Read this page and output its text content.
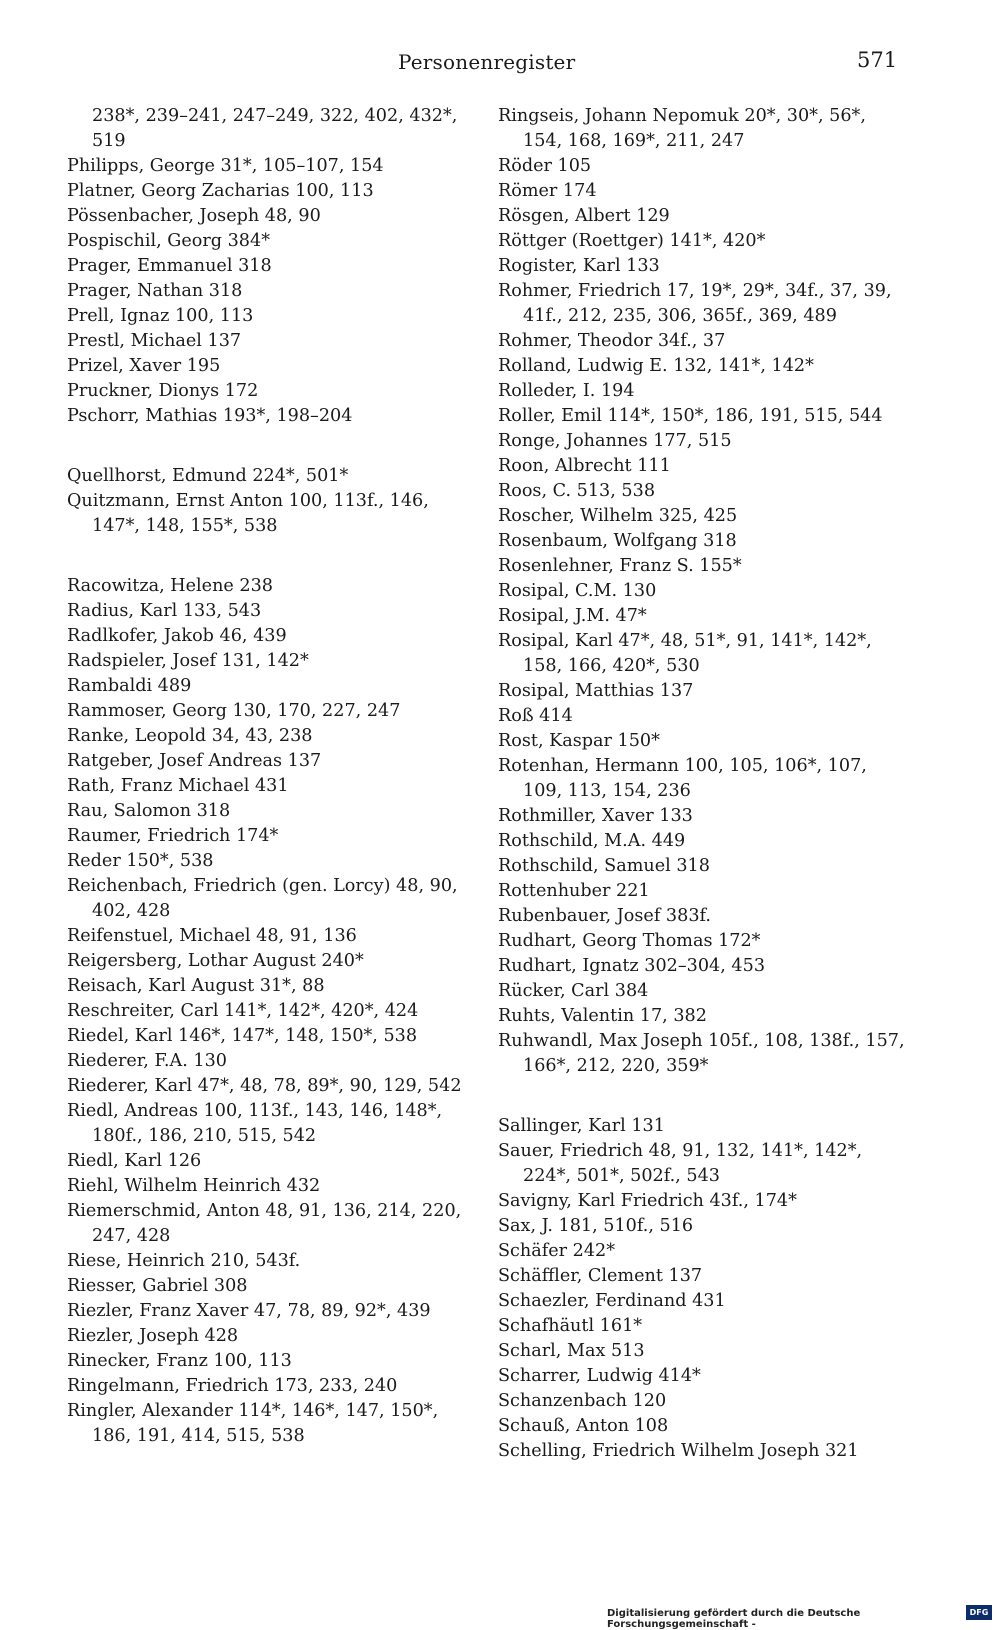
Personenregister	571
238*, 239–241, 247–249, 322, 402, 432*, 519
Philipps, George 31*, 105–107, 154
Platner, Georg Zacharias 100, 113
Pössenbacher, Joseph 48, 90
Pospischil, Georg 384*
Prager, Emmanuel 318
Prager, Nathan 318
Prell, Ignaz 100, 113
Prestl, Michael 137
Prizel, Xaver 195
Pruckner, Dionys 172
Pschorr, Mathias 193*, 198–204
Quellhorst, Edmund 224*, 501*
Quitzmann, Ernst Anton 100, 113f., 146, 147*, 148, 155*, 538
Racowitza, Helene 238
Radius, Karl 133, 543
Radlkofer, Jakob 46, 439
Radspieler, Josef 131, 142*
Rambaldi 489
Rammoser, Georg 130, 170, 227, 247
Ranke, Leopold 34, 43, 238
Ratgeber, Josef Andreas 137
Rath, Franz Michael 431
Rau, Salomon 318
Raumer, Friedrich 174*
Reder 150*, 538
Reichenbach, Friedrich (gen. Lorcy) 48, 90, 402, 428
Reifenstuel, Michael 48, 91, 136
Reigersberg, Lothar August 240*
Reisach, Karl August 31*, 88
Reschreiter, Carl 141*, 142*, 420*, 424
Riedel, Karl 146*, 147*, 148, 150*, 538
Riederer, F.A. 130
Riederer, Karl 47*, 48, 78, 89*, 90, 129, 542
Riedl, Andreas 100, 113f., 143, 146, 148*, 180f., 186, 210, 515, 542
Riedl, Karl 126
Riehl, Wilhelm Heinrich 432
Riemerschmid, Anton 48, 91, 136, 214, 220, 247, 428
Riese, Heinrich 210, 543f.
Riesser, Gabriel 308
Riezler, Franz Xaver 47, 78, 89, 92*, 439
Riezler, Joseph 428
Rinecker, Franz 100, 113
Ringelmann, Friedrich 173, 233, 240
Ringler, Alexander 114*, 146*, 147, 150*, 186, 191, 414, 515, 538
Ringseis, Johann Nepomuk 20*, 30*, 56*, 154, 168, 169*, 211, 247
Röder 105
Römer 174
Rösgen, Albert 129
Röttger (Roettger) 141*, 420*
Rogister, Karl 133
Rohmer, Friedrich 17, 19*, 29*, 34f., 37, 39, 41f., 212, 235, 306, 365f., 369, 489
Rohmer, Theodor 34f., 37
Rolland, Ludwig E. 132, 141*, 142*
Rolleder, I. 194
Roller, Emil 114*, 150*, 186, 191, 515, 544
Ronge, Johannes 177, 515
Roon, Albrecht 111
Roos, C. 513, 538
Roscher, Wilhelm 325, 425
Rosenbaum, Wolfgang 318
Rosenlehner, Franz S. 155*
Rosipal, C.M. 130
Rosipal, J.M. 47*
Rosipal, Karl 47*, 48, 51*, 91, 141*, 142*, 158, 166, 420*, 530
Rosipal, Matthias 137
Roß 414
Rost, Kaspar 150*
Rotenhan, Hermann 100, 105, 106*, 107, 109, 113, 154, 236
Rothmiller, Xaver 133
Rothschild, M.A. 449
Rothschild, Samuel 318
Rottenhuber 221
Rubenbauer, Josef 383f.
Rudhart, Georg Thomas 172*
Rudhart, Ignatz 302–304, 453
Rücker, Carl 384
Ruhts, Valentin 17, 382
Ruhwandl, Max Joseph 105f., 108, 138f., 157, 166*, 212, 220, 359*
Sallinger, Karl 131
Sauer, Friedrich 48, 91, 132, 141*, 142*, 224*, 501*, 502f., 543
Savigny, Karl Friedrich 43f., 174*
Sax, J. 181, 510f., 516
Schäfer 242*
Schäffler, Clement 137
Schaezler, Ferdinand 431
Schafhäutl 161*
Scharl, Max 513
Scharrer, Ludwig 414*
Schanzenbach 120
Schauß, Anton 108
Schelling, Friedrich Wilhelm Joseph 321
Digitalisierung gefördert durch die Deutsche Forschungsgemeinschaft -
DFG
